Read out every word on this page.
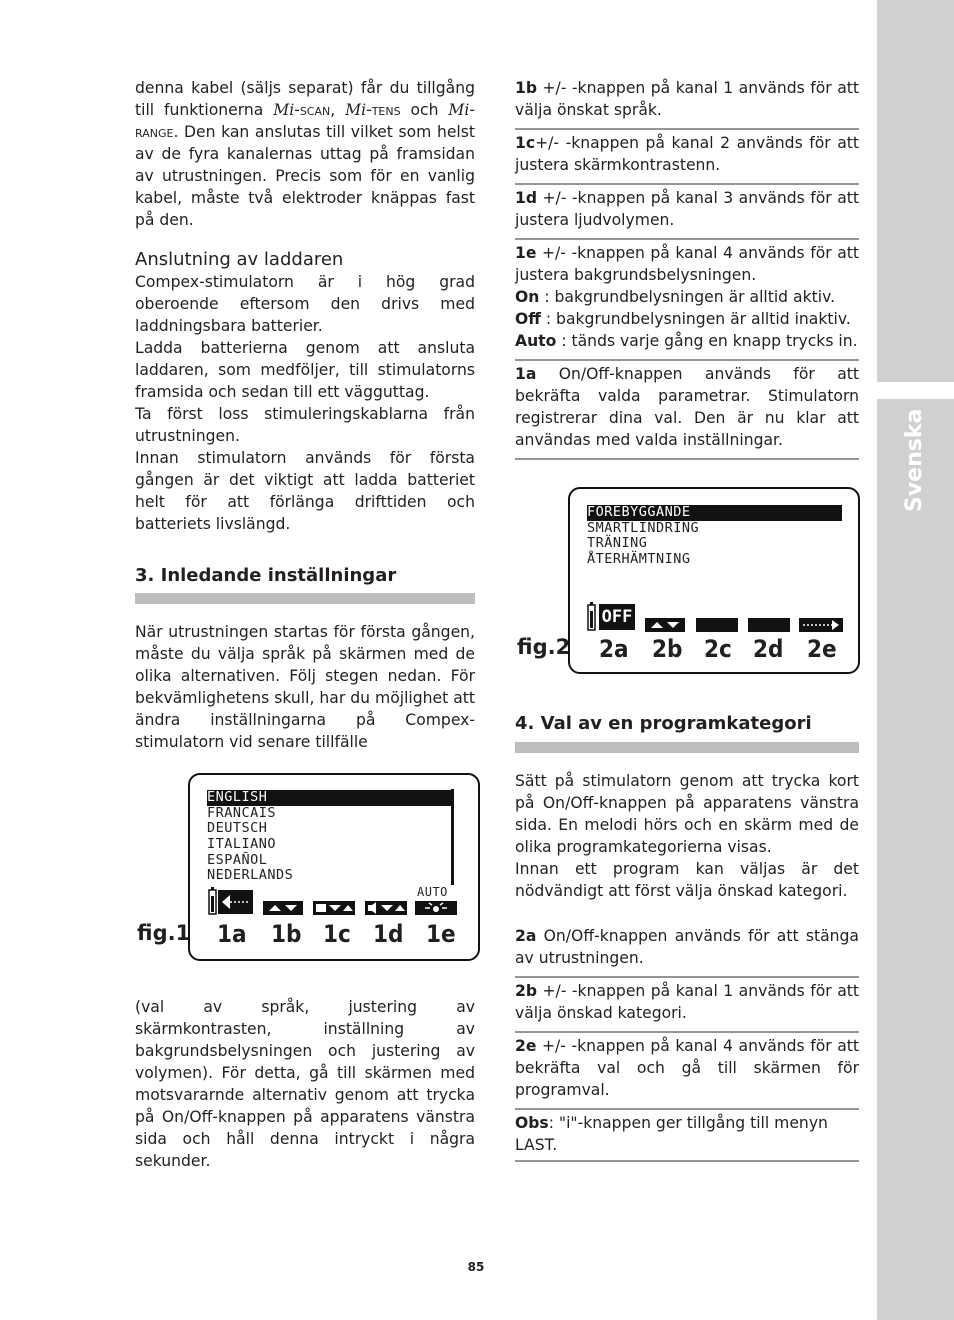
Svenska

denna kabel (säljs separat) får du tillgång till funktionerna Mi-scan, Mi-tens och Mi-range. Den kan anslutas till vilket som helst av de fyra kanalernas uttag på framsidan av utrustningen. Precis som för en vanlig kabel, måste två elektroder knäppas fast på den.

Anslutning av laddaren

Compex-stimulatorn är i hög grad oberoende eftersom den drivs med laddningsbara batterier.

Ladda batterierna genom att ansluta laddaren, som medföljer, till stimulatorns framsida och sedan till ett vägguttag.

Ta först loss stimuleringskablarna från utrustningen.

Innan stimulatorn används för första gången är det viktigt att ladda batteriet helt för att förlänga drifttiden och batteriets livslängd.

3. Inledande inställningar

När utrustningen startas för första gången, måste du välja språk på skärmen med de olika alternativen. Följ stegen nedan. För bekvämlighetens skull, har du möjlighet att ändra inställningarna på Compex-stimulatorn vid senare tillfälle

fig.1
ENGLISH
FRANCAIS
DEUTSCH
ITALIANO
ESPAÑOL
NEDERLANDS
AUTO
1a 1b 1c 1d 1e

(val av språk, justering av skärmkontrasten, inställning av bakgrundsbelysningen och justering av volymen). För detta, gå till skärmen med motsvararnde alternativ genom att trycka på On/Off-knappen på apparatens vänstra sida och håll denna intryckt i några sekunder.

1b +/- -knappen på kanal 1 används för att välja önskat språk.

1c+/- -knappen på kanal 2 används för att justera skärmkontrastenn.

1d +/- -knappen på kanal 3 används för att justera ljudvolymen.

1e +/- -knappen på kanal 4 används för att justera bakgrundsbelysningen.

On : bakgrundbelysningen är alltid aktiv.

Off : bakgrundbelysningen är alltid inaktiv.

Auto : tänds varje gång en knapp trycks in.

1a On/Off-knappen används för att bekräfta valda parametrar. Stimulatorn registrerar dina val. Den är nu klar att användas med valda inställningar.

fig.2
FÖREBYGGANDE
SMARTLINDRING
TRÄNING
ÅTERHÄMTNING
OFF
2a 2b 2c 2d 2e

4. Val av en programkategori

Sätt på stimulatorn genom att trycka kort på On/Off-knappen på apparatens vänstra sida. En melodi hörs och en skärm med de olika programkategorierna visas.

Innan ett program kan väljas är det nödvändigt att först välja önskad kategori.

2a On/Off-knappen används för att stänga av utrustningen.

2b +/- -knappen på kanal 1 används för att välja önskad kategori.

2e +/- -knappen på kanal 4 används för att bekräfta val och gå till skärmen för programval.

Obs: "i"-knappen ger tillgång till menyn LAST.

85
